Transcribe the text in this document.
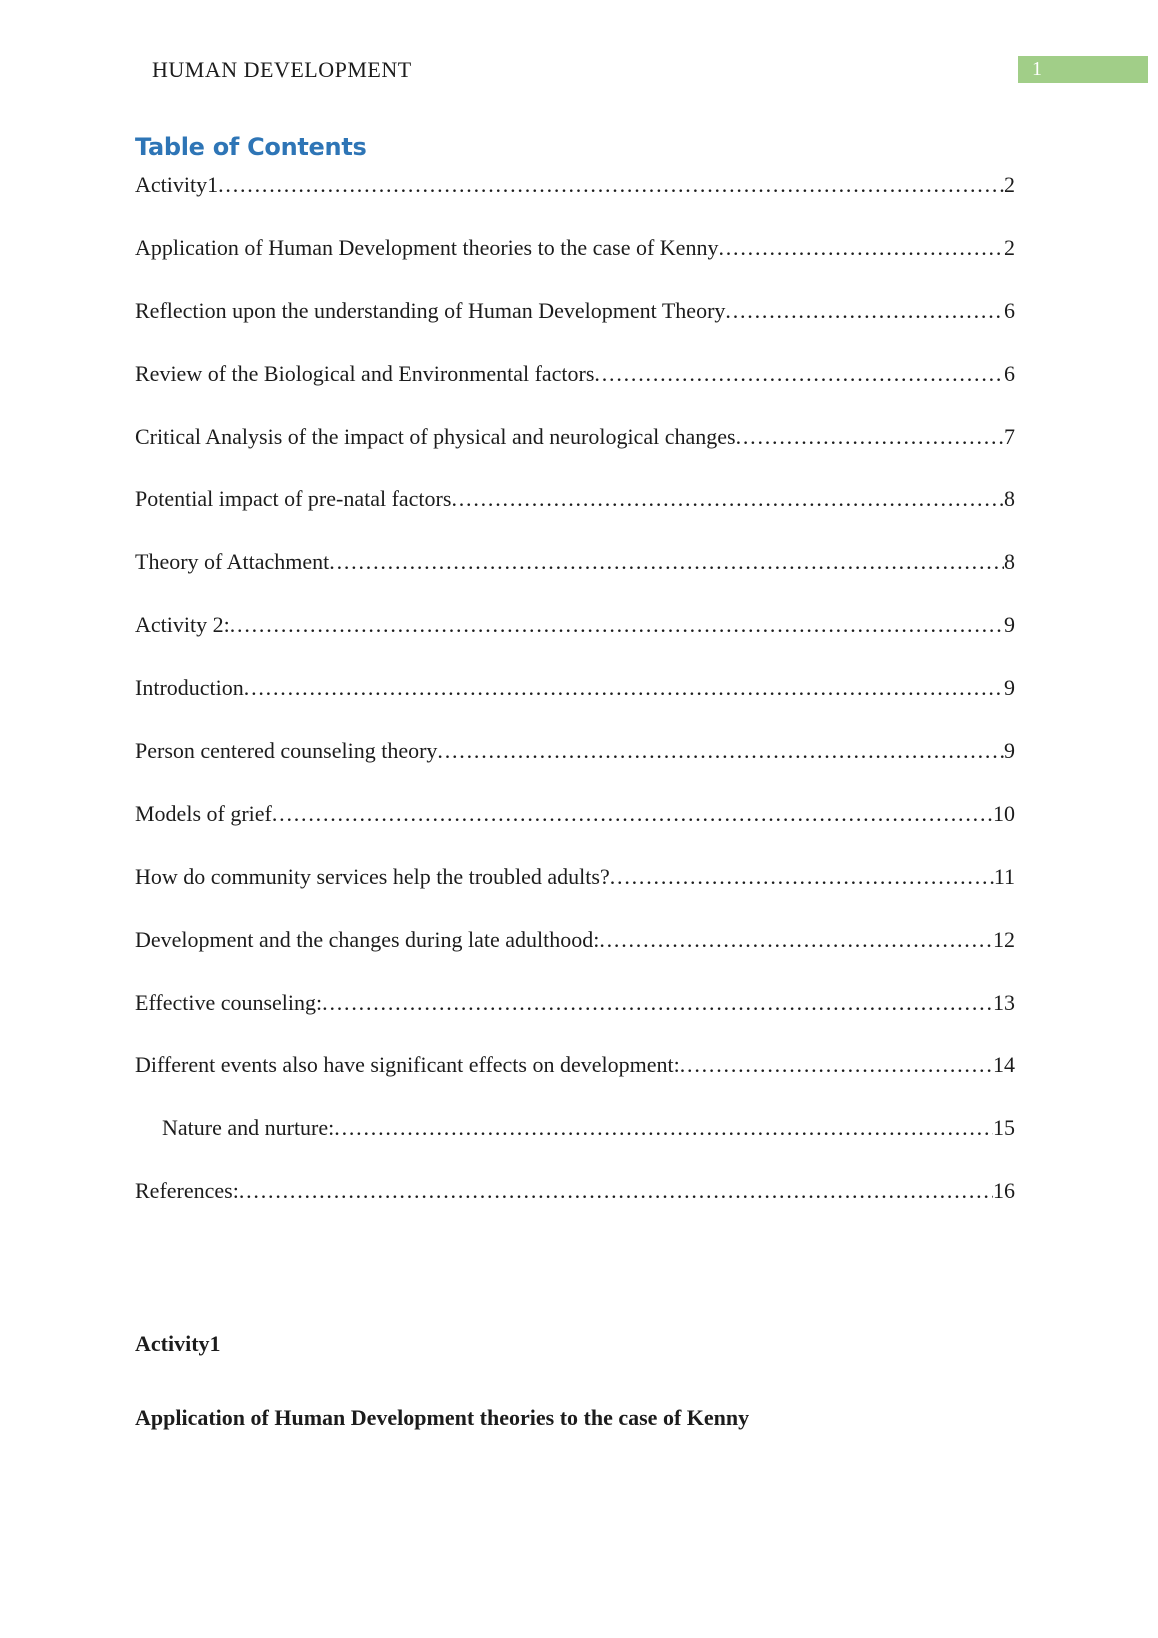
HUMAN DEVELOPMENT	1
Table of Contents
Activity1 .....	2
Application of Human Development theories to the case of Kenny .....	2
Reflection upon the understanding of Human Development Theory .....	6
Review of the Biological and Environmental factors .....	6
Critical Analysis of the impact of physical and neurological changes .....	7
Potential impact of pre-natal factors .....	8
Theory of Attachment .....	8
Activity 2: .....	9
Introduction .....	9
Person centered counseling theory .....	9
Models of grief .....	10
How do community services help the troubled adults? .....	11
Development and the changes during late adulthood: .....	12
Effective counseling: .....	13
Different events also have significant effects on development: .....	14
Nature and nurture: .....	15
References: .....	16
Activity1
Application of Human Development theories to the case of Kenny
